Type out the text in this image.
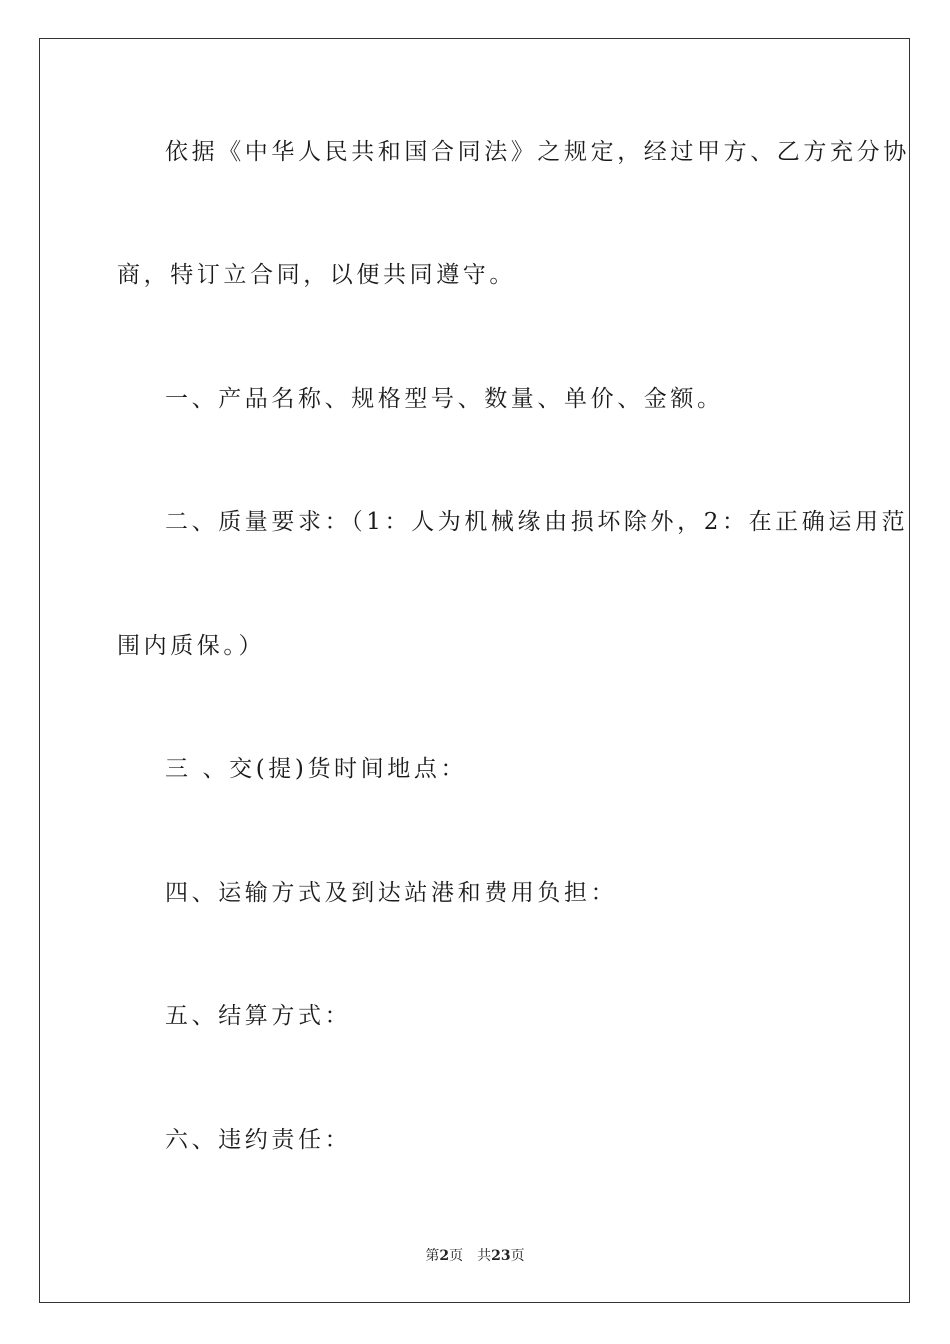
依据《中华人民共和国合同法》之规定，经过甲方、乙方充分协
商，特订立合同，以便共同遵守。
一、产品名称、规格型号、数量、单价、金额。
二、质量要求：（1：人为机械缘由损坏除外，2：在正确运用范
围内质保。）
三 、交(提)货时间地点：
四、运输方式及到达站港和费用负担：
五、结算方式：
六、违约责任：
第2页 共23页
